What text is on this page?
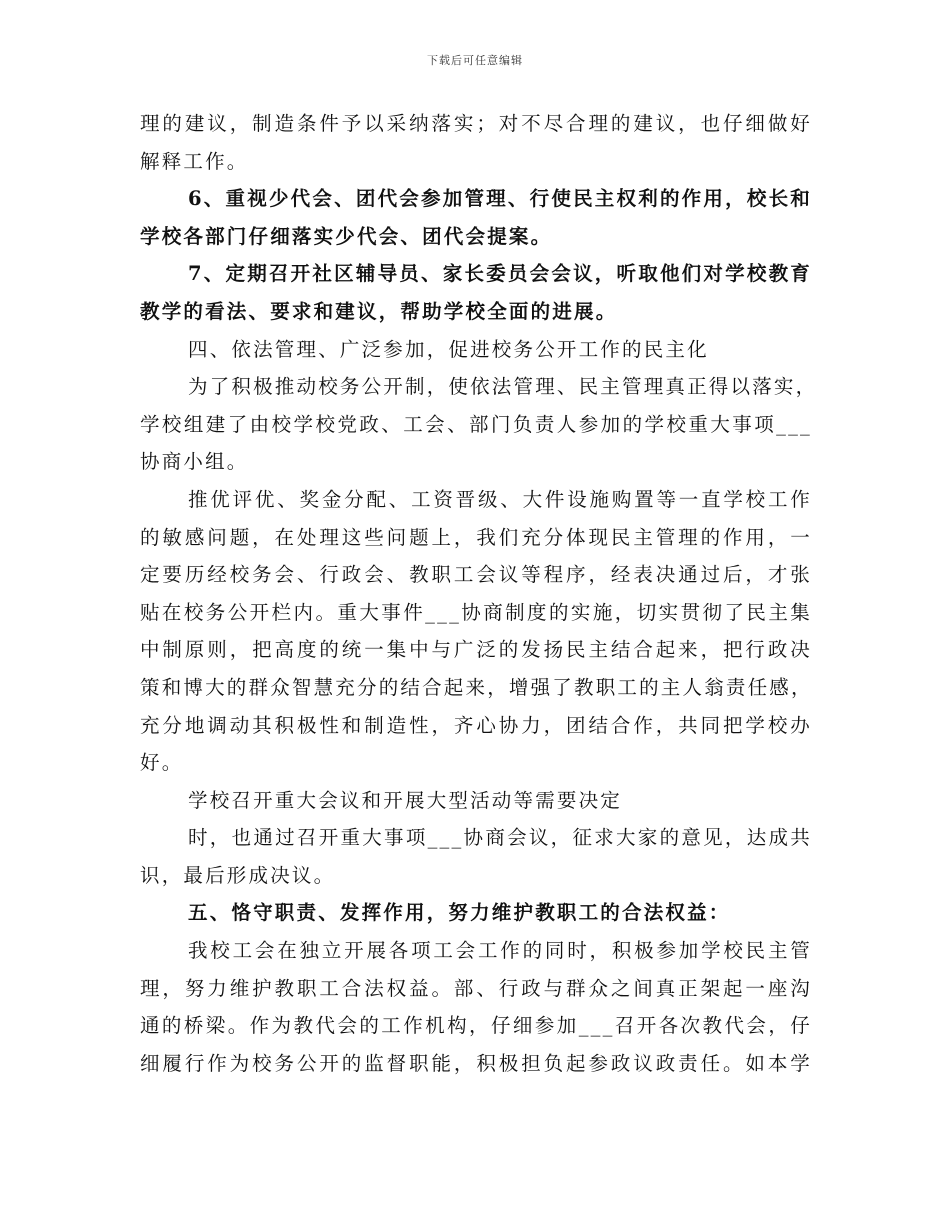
下载后可任意编辑
理的建议，制造条件予以采纳落实；对不尽合理的建议，也仔细做好
解释工作。
6、重视少代会、团代会参加管理、行使民主权利的作用，校长和
学校各部门仔细落实少代会、团代会提案。
7、定期召开社区辅导员、家长委员会会议，听取他们对学校教育
教学的看法、要求和建议，帮助学校全面的进展。
四、依法管理、广泛参加，促进校务公开工作的民主化
为了积极推动校务公开制，使依法管理、民主管理真正得以落实，
学校组建了由校学校党政、工会、部门负责人参加的学校重大事项___
协商小组。
推优评优、奖金分配、工资晋级、大件设施购置等一直学校工作
的敏感问题，在处理这些问题上，我们充分体现民主管理的作用，一
定要历经校务会、行政会、教职工会议等程序，经表决通过后，才张
贴在校务公开栏内。重大事件___协商制度的实施，切实贯彻了民主集
中制原则，把高度的统一集中与广泛的发扬民主结合起来，把行政决
策和博大的群众智慧充分的结合起来，增强了教职工的主人翁责任感，
充分地调动其积极性和制造性，齐心协力，团结合作，共同把学校办
好。
学校召开重大会议和开展大型活动等需要决定
时，也通过召开重大事项___协商会议，征求大家的意见，达成共
识，最后形成决议。
五、恪守职责、发挥作用，努力维护教职工的合法权益：
我校工会在独立开展各项工会工作的同时，积极参加学校民主管
理，努力维护教职工合法权益。部、行政与群众之间真正架起一座沟
通的桥梁。作为教代会的工作机构，仔细参加___召开各次教代会，仔
细履行作为校务公开的监督职能，积极担负起参政议政责任。如本学
